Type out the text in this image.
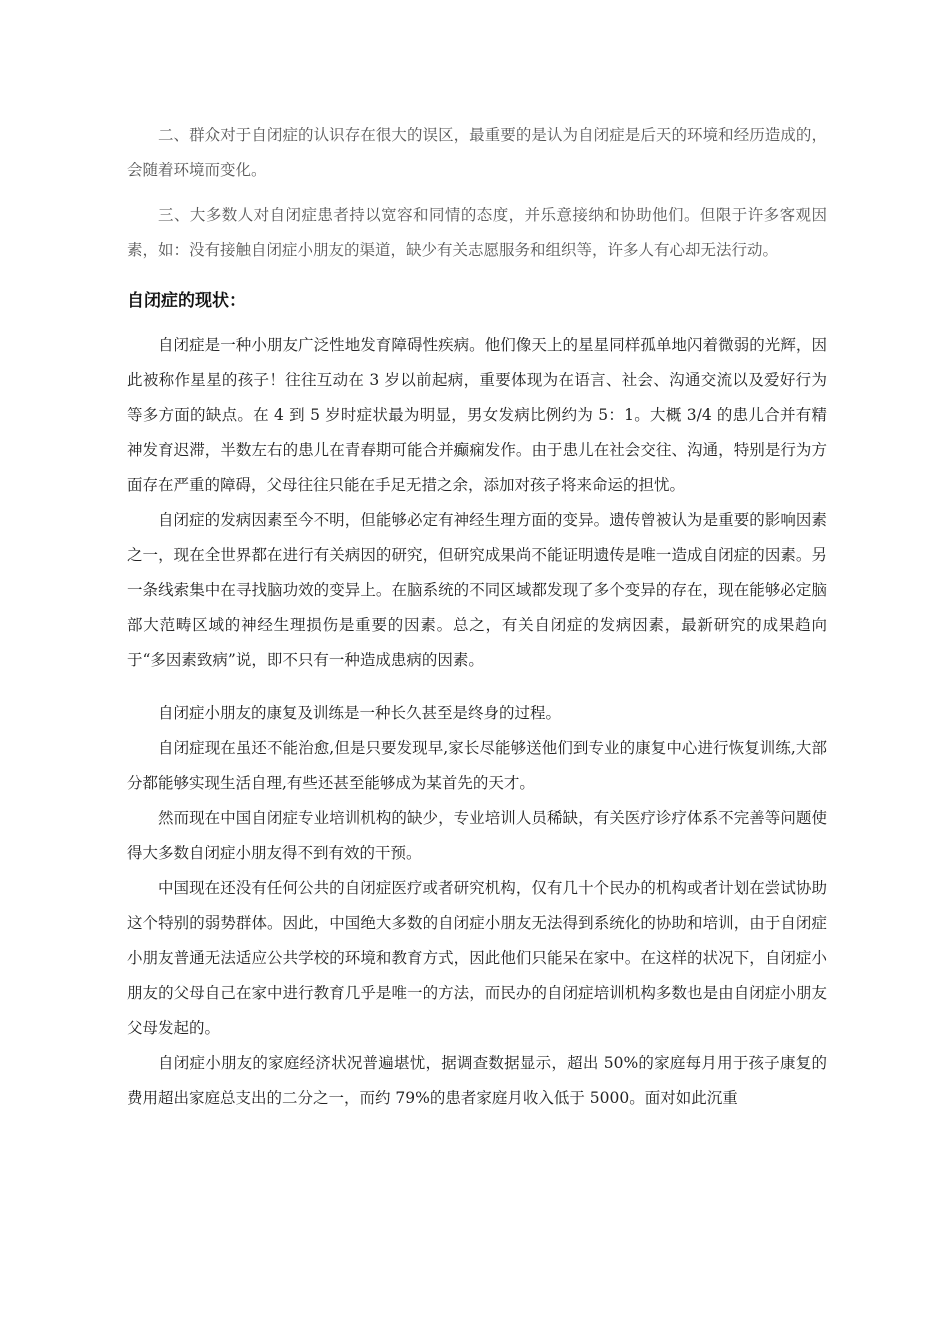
二、群众对于自闭症的认识存在很大的误区，最重要的是认为自闭症是后天的环境和经历造成的，会随着环境而变化。

三、大多数人对自闭症患者持以宽容和同情的态度，并乐意接纳和协助他们。但限于许多客观因素，如：没有接触自闭症小朋友的渠道，缺少有关志愿服务和组织等，许多人有心却无法行动。

自闭症的现状：

自闭症是一种小朋友广泛性地发育障碍性疾病。他们像天上的星星同样孤单地闪着微弱的光辉，因此被称作星星的孩子！往往互动在 3 岁以前起病，重要体现为在语言、社会、沟通交流以及爱好行为等多方面的缺点。在 4 到 5 岁时症状最为明显，男女发病比例约为 5：1。大概 3/4 的患儿合并有精神发育迟滞，半数左右的患儿在青春期可能合并癫痫发作。由于患儿在社会交往、沟通，特别是行为方面存在严重的障碍，父母往往只能在手足无措之余，添加对孩子将来命运的担忧。

自闭症的发病因素至今不明，但能够必定有神经生理方面的变异。遗传曾被认为是重要的影响因素之一，现在全世界都在进行有关病因的研究，但研究成果尚不能证明遗传是唯一造成自闭症的因素。另一条线索集中在寻找脑功效的变异上。在脑系统的不同区域都发现了多个变异的存在，现在能够必定脑部大范畴区域的神经生理损伤是重要的因素。总之，有关自闭症的发病因素，最新研究的成果趋向于“多因素致病”说，即不只有一种造成患病的因素。

自闭症小朋友的康复及训练是一种长久甚至是终身的过程。

自闭症现在虽还不能治愈,但是只要发现早,家长尽能够送他们到专业的康复中心进行恢复训练,大部分都能够实现生活自理,有些还甚至能够成为某首先的天才。

然而现在中国自闭症专业培训机构的缺少，专业培训人员稀缺，有关医疗诊疗体系不完善等问题使得大多数自闭症小朋友得不到有效的干预。

中国现在还没有任何公共的自闭症医疗或者研究机构，仅有几十个民办的机构或者计划在尝试协助这个特别的弱势群体。因此，中国绝大多数的自闭症小朋友无法得到系统化的协助和培训，由于自闭症小朋友普通无法适应公共学校的环境和教育方式，因此他们只能呆在家中。在这样的状况下，自闭症小朋友的父母自己在家中进行教育几乎是唯一的方法，而民办的自闭症培训机构多数也是由自闭症小朋友父母发起的。

自闭症小朋友的家庭经济状况普遍堪忧，据调查数据显示，超出 50%的家庭每月用于孩子康复的费用超出家庭总支出的二分之一，而约 79%的患者家庭月收入低于 5000。面对如此沉重
